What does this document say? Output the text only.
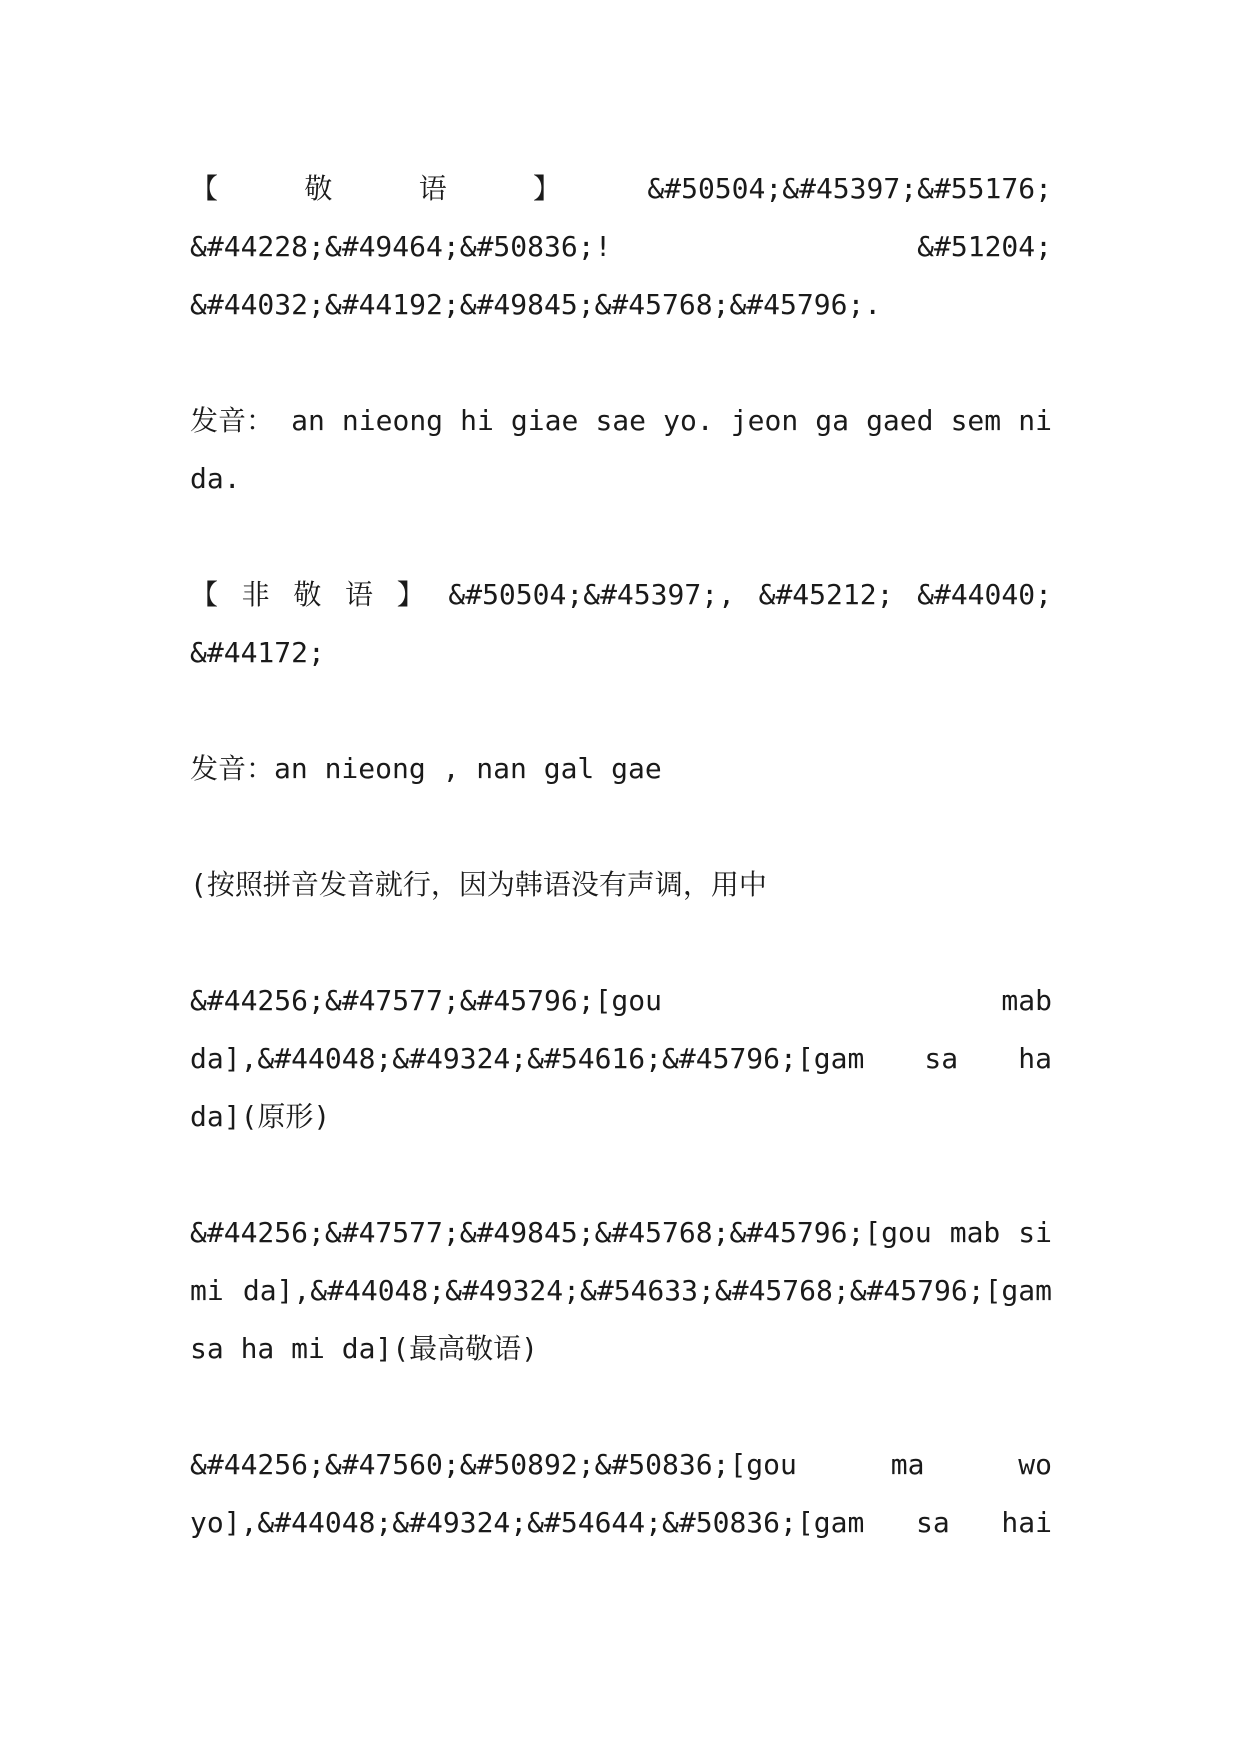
【	敬	语	】	&#50504;&#45397;&#55176;
&#44228;&#49464;&#50836;!	&#51204;
&#44032;&#44192;&#49845;&#45768;&#45796;.
发音： an nieong hi giae sae yo. jeon ga gaed sem ni
da.
【 非 敬 语 】 &#50504;&#45397;, &#45212; &#44040;
&#44172;
发音：an nieong , nan gal gae
(按照拼音发音就行，因为韩语没有声调，用中
&#44256;&#47577;&#45796;[gou	mab
da],&#44048;&#49324;&#54616;&#45796;[gam sa ha
da](原形)
&#44256;&#47577;&#49845;&#45768;&#45796;[gou mab si
mi da],&#44048;&#49324;&#54633;&#45768;&#45796;[gam
sa ha mi da](最高敬语)
&#44256;&#47560;&#50892;&#50836;[gou	ma	wo
yo],&#44048;&#49324;&#54644;&#50836;[gam sa hai
